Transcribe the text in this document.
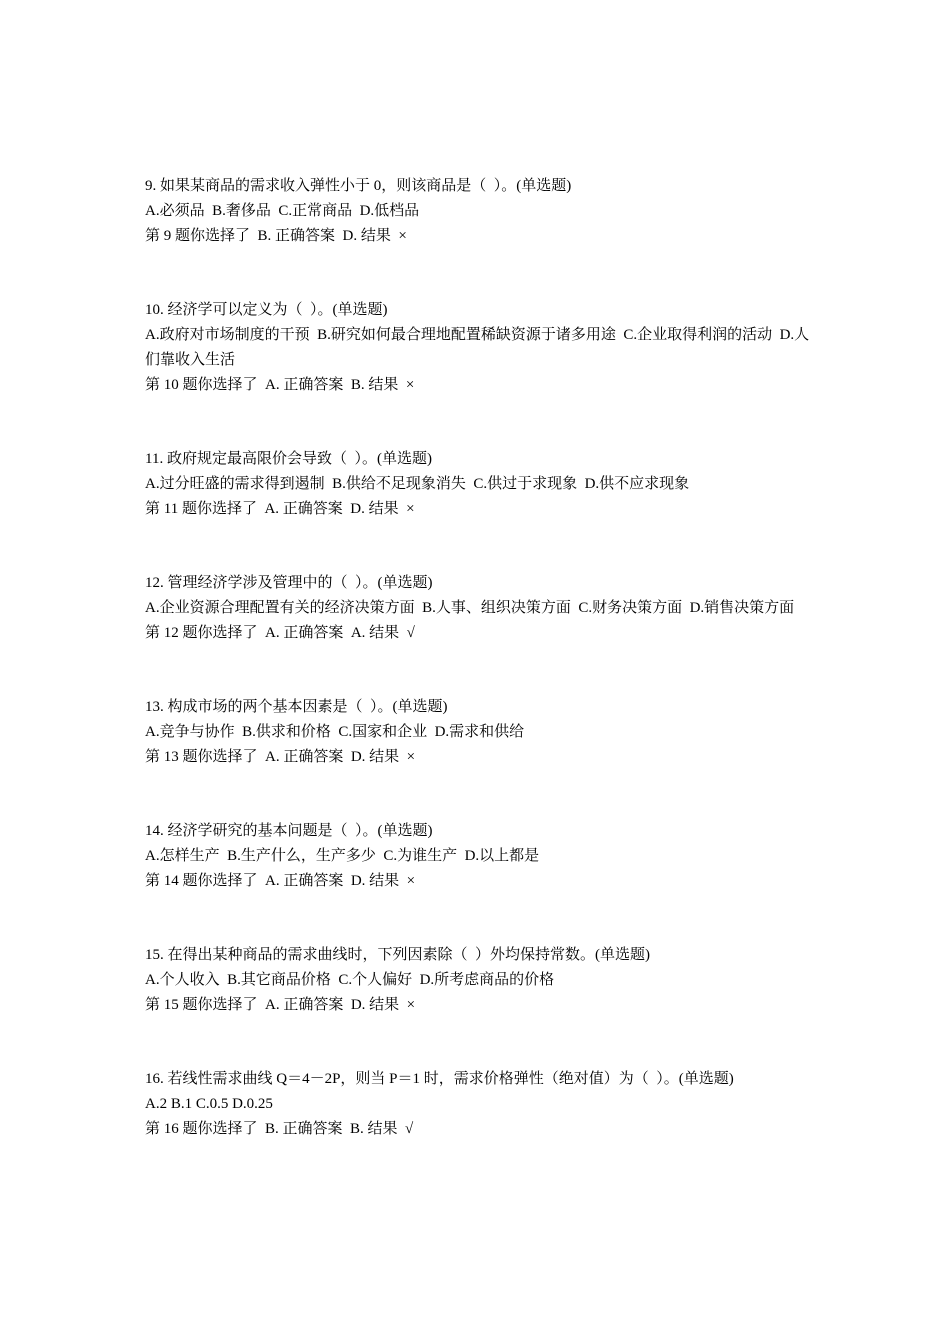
9. 如果某商品的需求收入弹性小于 0，则该商品是（  ）。(单选题)
A.必须品  B.奢侈品  C.正常商品  D.低档品
第 9 题你选择了  B. 正确答案  D. 结果  ×
10. 经济学可以定义为（  ）。(单选题)
A.政府对市场制度的干预  B.研究如何最合理地配置稀缺资源于诸多用途  C.企业取得利润的活动  D.人们靠收入生活
第 10 题你选择了  A. 正确答案  B. 结果  ×
11. 政府规定最高限价会导致（  ）。(单选题)
A.过分旺盛的需求得到遏制  B.供给不足现象消失  C.供过于求现象  D.供不应求现象
第 11 题你选择了  A. 正确答案  D. 结果  ×
12. 管理经济学涉及管理中的（  ）。(单选题)
A.企业资源合理配置有关的经济决策方面  B.人事、组织决策方面  C.财务决策方面  D.销售决策方面
第 12 题你选择了  A. 正确答案  A. 结果  √
13. 构成市场的两个基本因素是（  ）。(单选题)
A.竞争与协作  B.供求和价格  C.国家和企业  D.需求和供给
第 13 题你选择了  A. 正确答案  D. 结果  ×
14. 经济学研究的基本问题是（  ）。(单选题)
A.怎样生产  B.生产什么，生产多少  C.为谁生产  D.以上都是
第 14 题你选择了  A. 正确答案  D. 结果  ×
15. 在得出某种商品的需求曲线时，下列因素除（  ）外均保持常数。(单选题)
A.个人收入  B.其它商品价格  C.个人偏好  D.所考虑商品的价格
第 15 题你选择了  A. 正确答案  D. 结果  ×
16. 若线性需求曲线 Q＝4－2P，则当 P＝1 时，需求价格弹性（绝对值）为（  ）。(单选题)
A.2 B.1 C.0.5 D.0.25
第 16 题你选择了  B. 正确答案  B. 结果  √
